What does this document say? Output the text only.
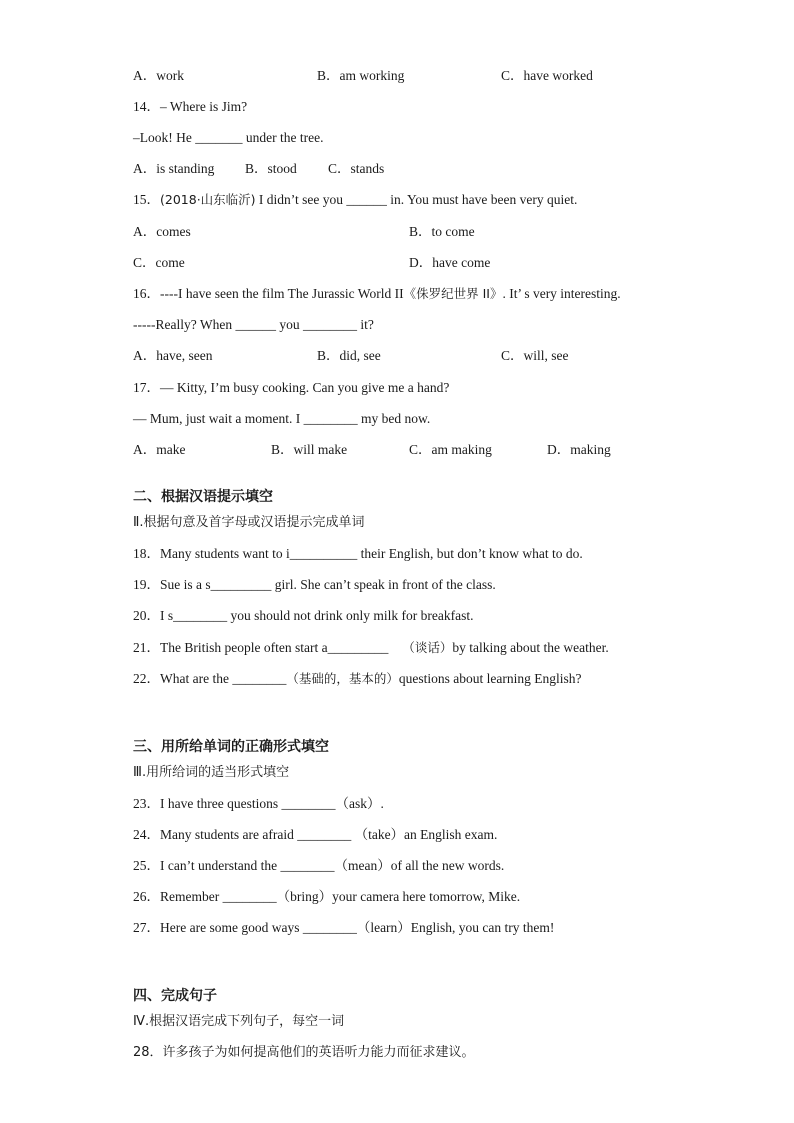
A．work	B．am working	C．have worked
14．– Where is Jim?
–Look! He _______ under the tree.
A．is standing B．stood C．stands
15．(2018·山东临沂) I didn’t see you ______ in. You must have been very quiet.
A．comes	B．to come
C．come	D．have come
16．----I have seen the film The Jurassic World II《侏罗纪世界 II》. It’ s very interesting.
-----Really? When ______ you ________ it?
A．have, seen	B．did, see	C．will, see
17．— Kitty, I’m busy cooking. Can you give me a hand?
— Mum, just wait a moment. I ________ my bed now.
A．make	B．will make	C．am making	D．making
二、根据汉语提示填空
Ⅱ.根据句意及首字母或汉语提示完成单词
18．Many students want to i__________ their English, but don’t know what to do.
19．Sue is a s_________ girl. She can’t speak in front of the class.
20．I s________ you should not drink only milk for breakfast.
21．The British people often start a_________ （谈话）by talking about the weather.
22．What are the ________（基础的，基本的）questions about learning English?
三、用所给单词的正确形式填空
Ⅲ.用所给词的适当形式填空
23．I have three questions ________（ask）.
24．Many students are afraid ________ （take）an English exam.
25．I can’t understand the ________（mean）of all the new words.
26．Remember ________（bring）your camera here tomorrow, Mike.
27．Here are some good ways ________（learn）English, you can try them!
四、完成句子
Ⅳ.根据汉语完成下列句子，每空一词
28．许多孩子为如何提高他们的英语听力能力而征求建议。
